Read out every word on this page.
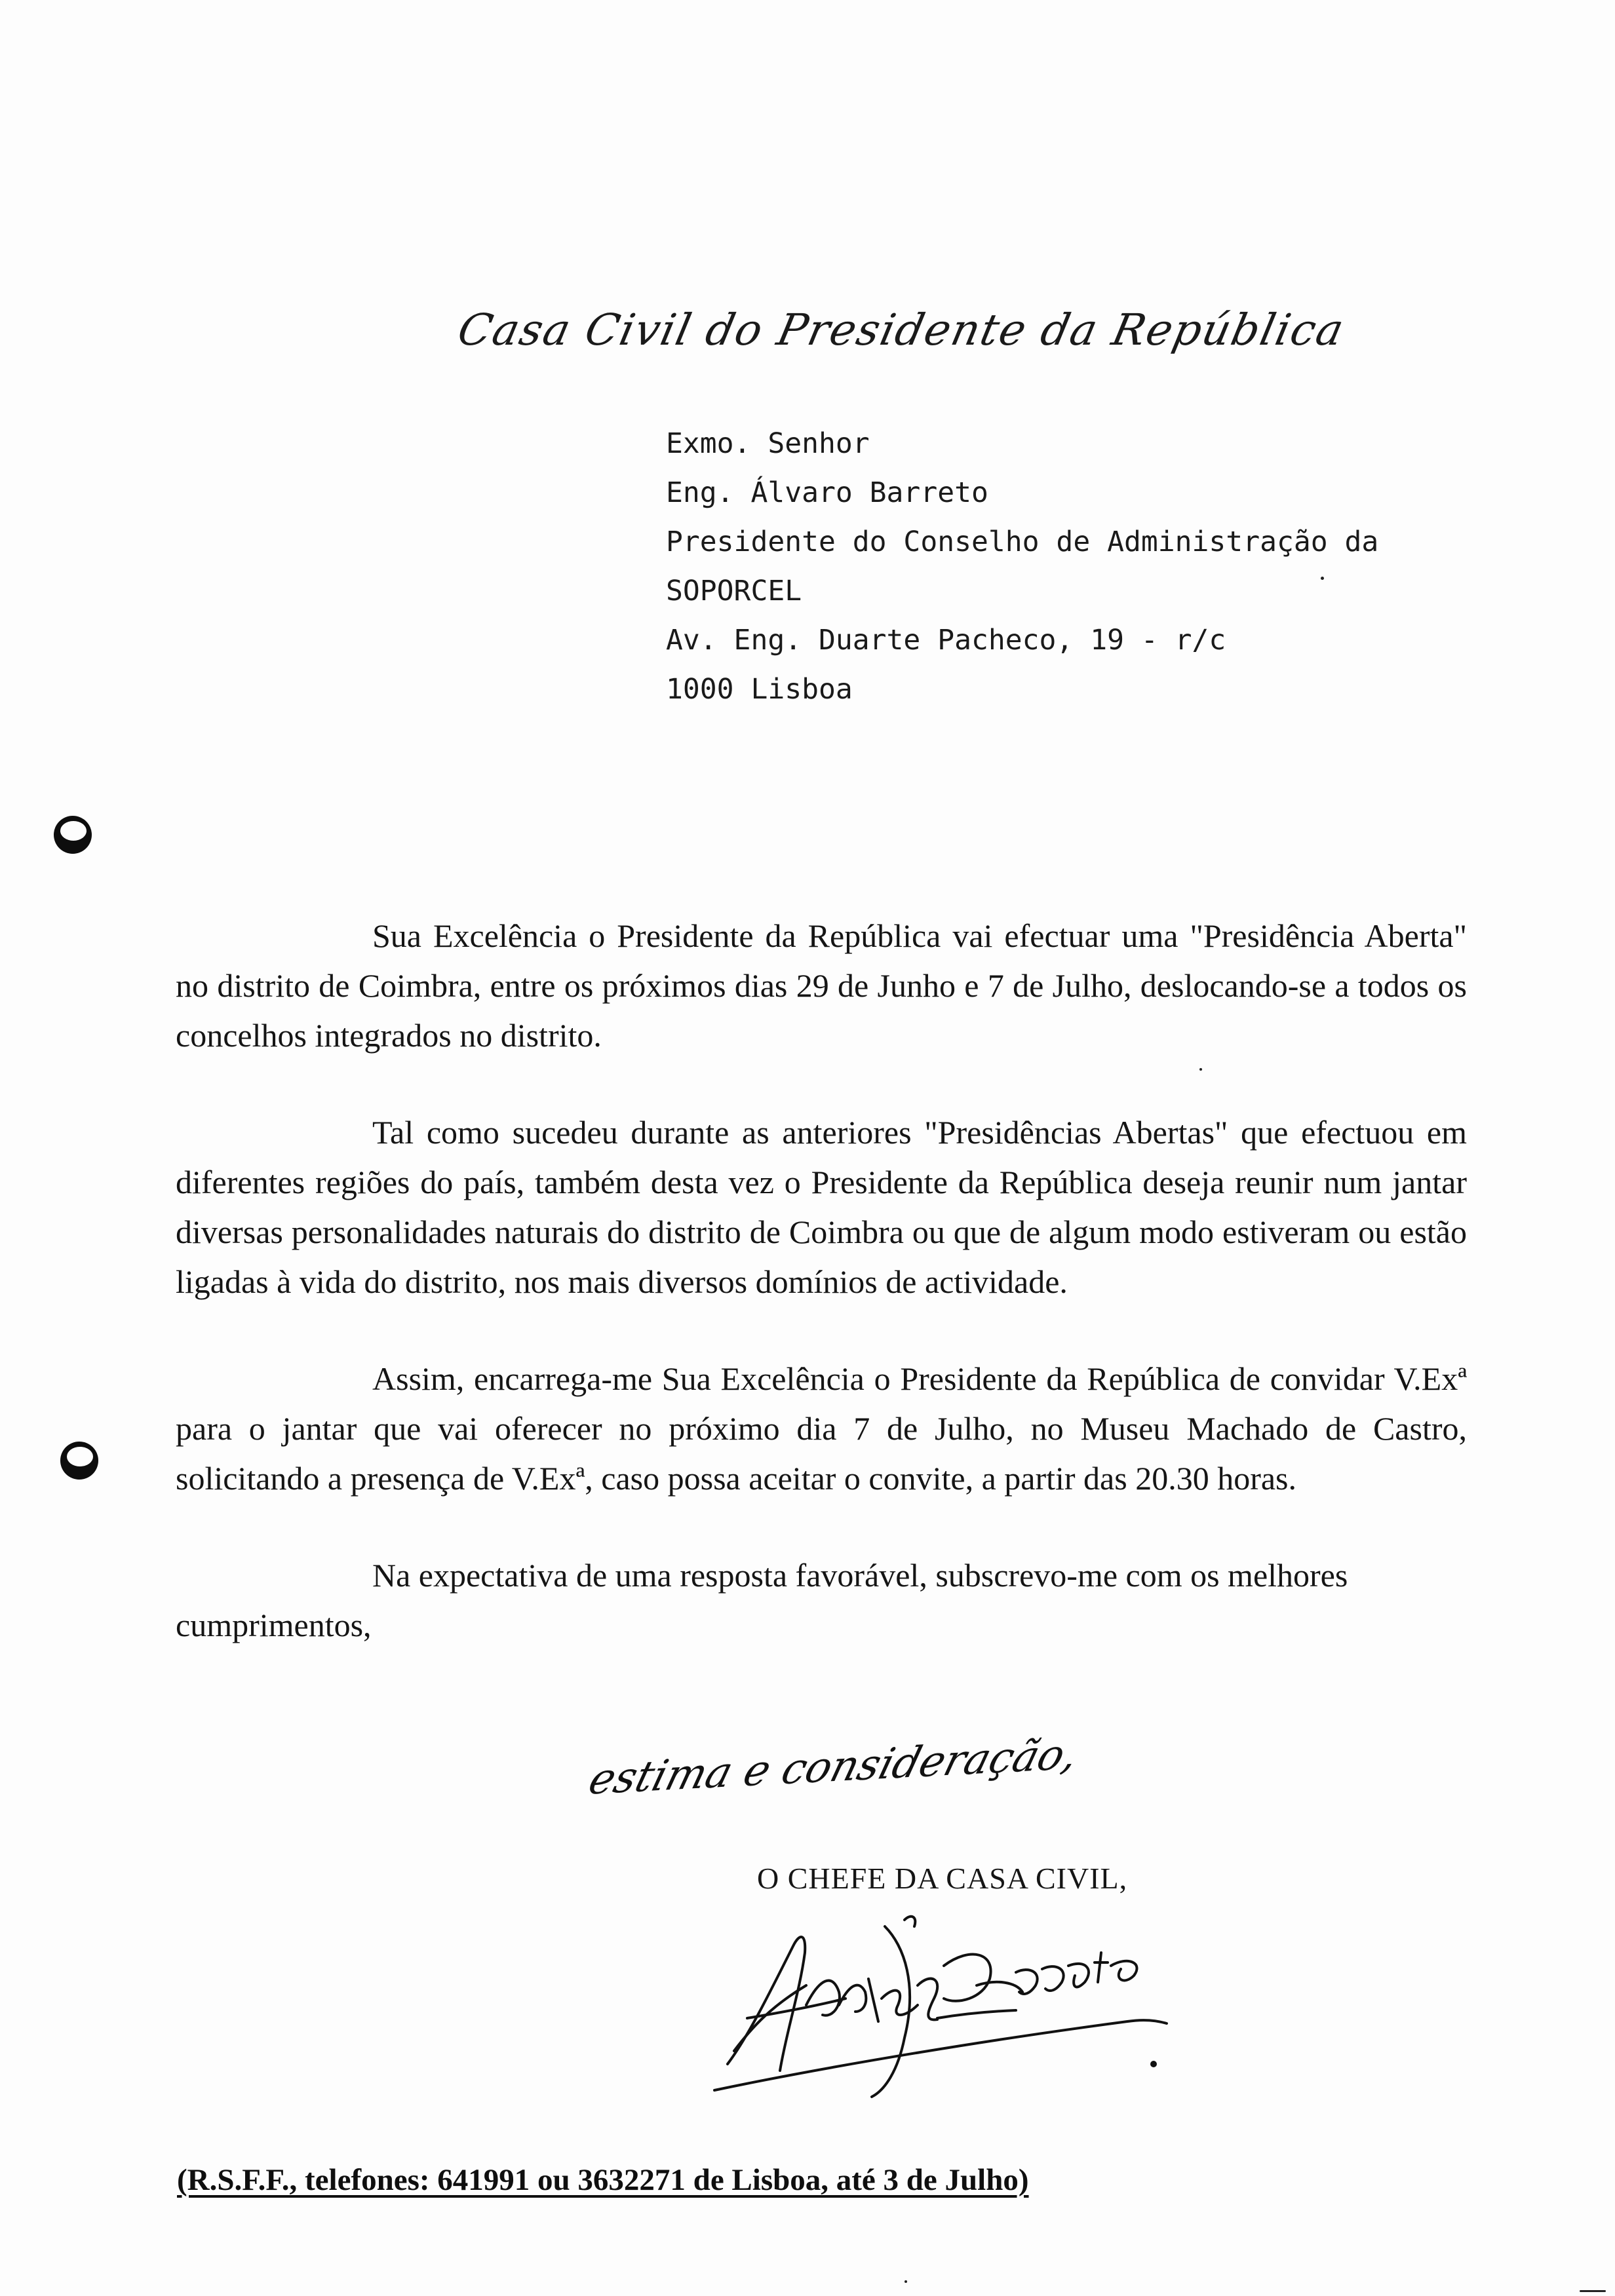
Casa Civil do Presidente da República
Exmo. Senhor
Eng. Álvaro Barreto
Presidente do Conselho de Administração da
SOPORCEL
Av. Eng. Duarte Pacheco, 19 - r/c
1000 Lisboa

Sua Excelência o Presidente da República vai efectuar uma "Presidência Aberta" no distrito de Coimbra, entre os próximos dias 29 de Junho e 7 de Julho, deslocando-se a todos os concelhos integrados no distrito.

Tal como sucedeu durante as anteriores "Presidências Abertas" que efectuou em diferentes regiões do país, também desta vez o Presidente da República deseja reunir num jantar diversas personalidades naturais do distrito de Coimbra ou que de algum modo estiveram ou estão ligadas à vida do distrito, nos mais diversos domínios de actividade.

Assim, encarrega-me Sua Excelência o Presidente da República de convidar V.Exª para o jantar que vai oferecer no próximo dia 7 de Julho, no Museu Machado de Castro, solicitando a presença de V.Exª, caso possa aceitar o convite, a partir das 20.30 horas.

Na expectativa de uma resposta favorável, subscrevo-me com os melhores cumprimentos,

estima e consideração,
O CHEFE DA CASA CIVIL,
(R.S.F.F., telefones: 641991 ou 3632271 de Lisboa, até 3 de Julho)
